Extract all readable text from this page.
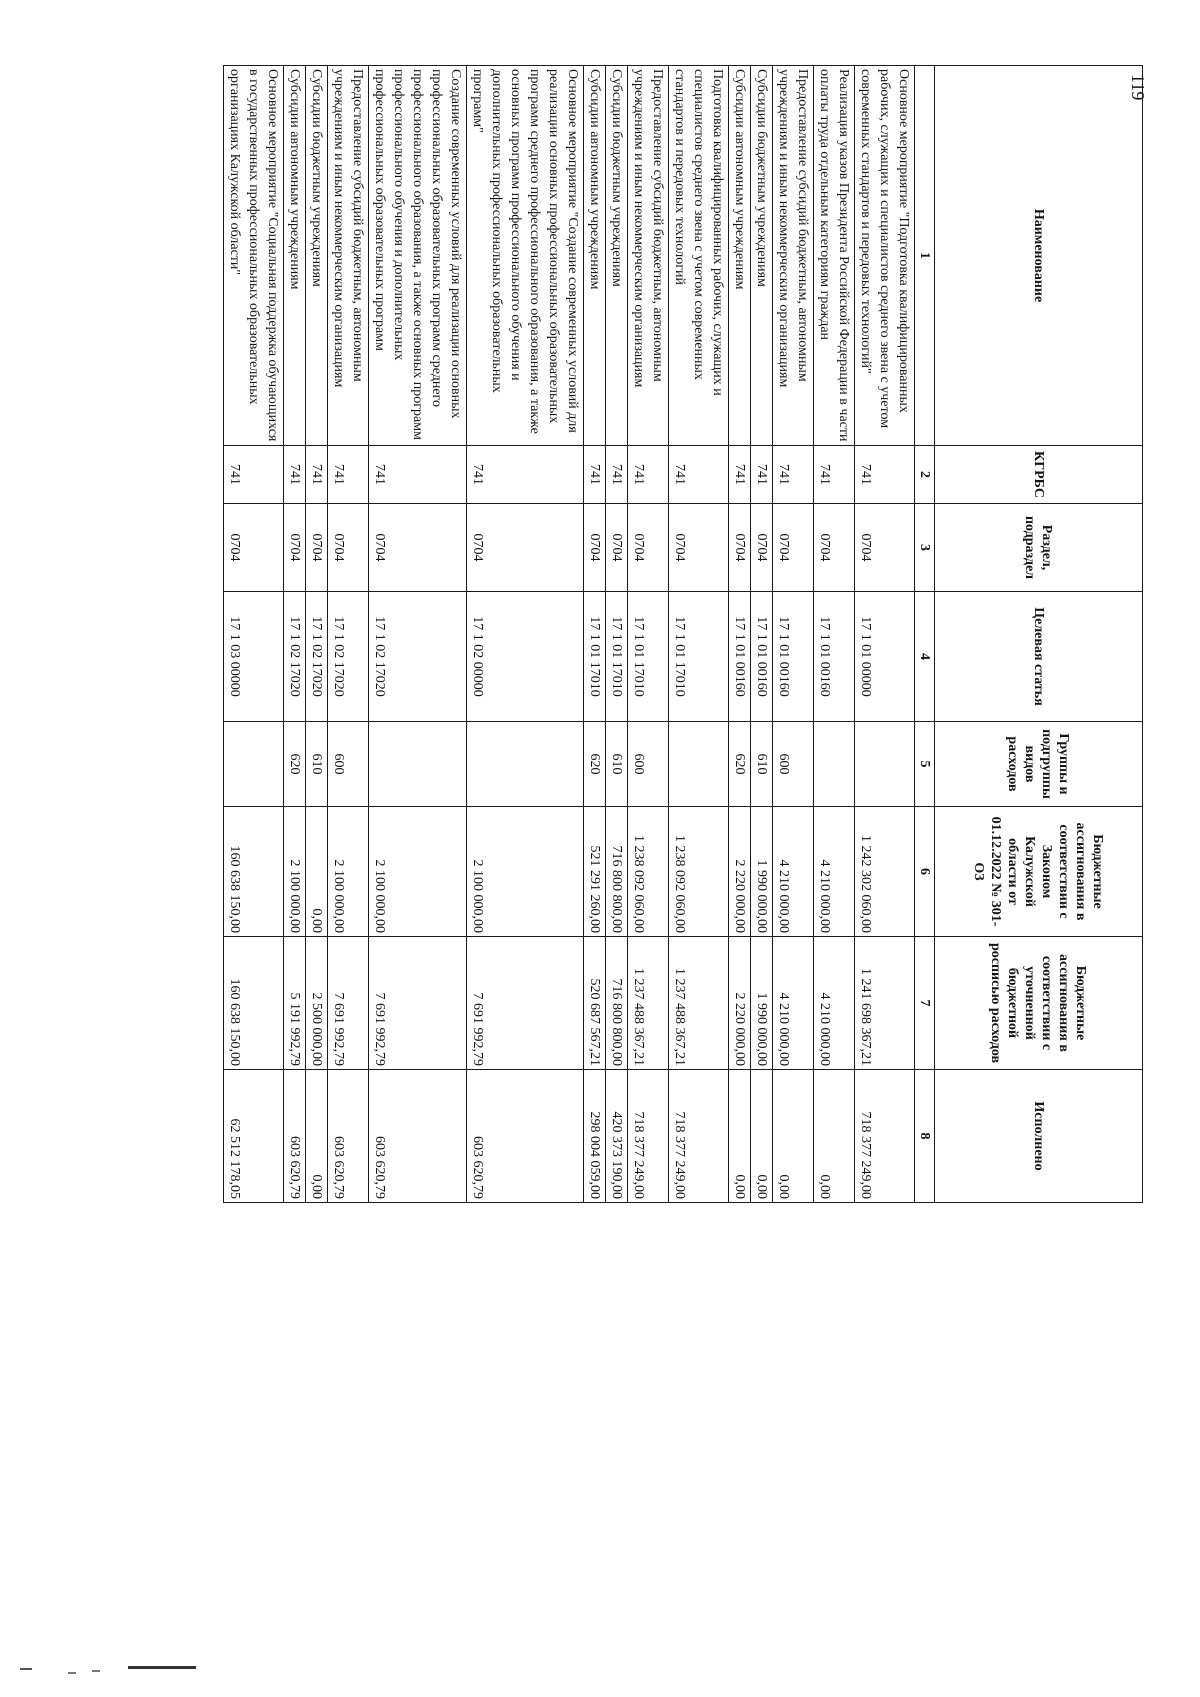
Наименование	КГРБС	Раздел, подраздел	Целевая статья	Группы и подгруппы видов расходов	Бюджетные ассигнования в соответствии с Законом Калужской области от 01.12.2022 № 301-ОЗ	Бюджетные ассигнования в соответствии с уточненной бюджетной росписью расходов	Исполнено
1	2	3	4	5	6	7	8
Основное мероприятие "Подготовка квалифицированных рабочих, служащих и специалистов среднего звена с учетом современных стандартов и передовых технологий"	741	0704	17 1 01 00000		1 242 302 060,00	1 241 698 367,21	718 377 249,00
Реализация указов Президента Российской Федерации в части оплаты труда отдельным категориям граждан	741	0704	17 1 01 00160		4 210 000,00	4 210 000,00	0,00
Предоставление субсидий бюджетным, автономным учреждениям и иным некоммерческим организациям	741	0704	17 1 01 00160	600	4 210 000,00	4 210 000,00	0,00
Субсидии бюджетным учреждениям	741	0704	17 1 01 00160	610	1 990 000,00	1 990 000,00	0,00
Субсидии автономным учреждениям	741	0704	17 1 01 00160	620	2 220 000,00	2 220 000,00	0,00
Подготовка квалифицированных рабочих, служащих и специалистов среднего звена с учетом современных стандартов и передовых технологий	741	0704	17 1 01 17010		1 238 092 060,00	1 237 488 367,21	718 377 249,00
Предоставление субсидий бюджетным, автономным учреждениям и иным некоммерческим организациям	741	0704	17 1 01 17010	600	1 238 092 060,00	1 237 488 367,21	718 377 249,00
Субсидии бюджетным учреждениям	741	0704	17 1 01 17010	610	716 800 800,00	716 800 800,00	420 373 190,00
Субсидии автономным учреждениям	741	0704	17 1 01 17010	620	521 291 260,00	520 687 567,21	298 004 059,00
Основное мероприятие "Создание современных условий для реализации основных профессиональных образовательных программ среднего профессионального образования, а также основных программ профессионального обучения и дополнительных профессиональных образовательных программ"	741	0704	17 1 02 00000		2 100 000,00	7 691 992,79	603 620,79
Создание современных условий для реализации основных профессиональных образовательных программ среднего профессионального образования, а также основных программ профессионального обучения и дополнительных профессиональных образовательных программ	741	0704	17 1 02 17020		2 100 000,00	7 691 992,79	603 620,79
Предоставление субсидий бюджетным, автономным учреждениям и иным некоммерческим организациям	741	0704	17 1 02 17020	600	2 100 000,00	7 691 992,79	603 620,79
Субсидии бюджетным учреждениям	741	0704	17 1 02 17020	610	0,00	2 500 000,00	0,00
Субсидии автономным учреждениям	741	0704	17 1 02 17020	620	2 100 000,00	5 191 992,79	603 620,79
Основное мероприятие "Социальная поддержка обучающихся в государственных профессиональных образовательных организациях Калужской области"	741	0704	17 1 03 00000		160 638 150,00	160 638 150,00	62 512 178,05
119
